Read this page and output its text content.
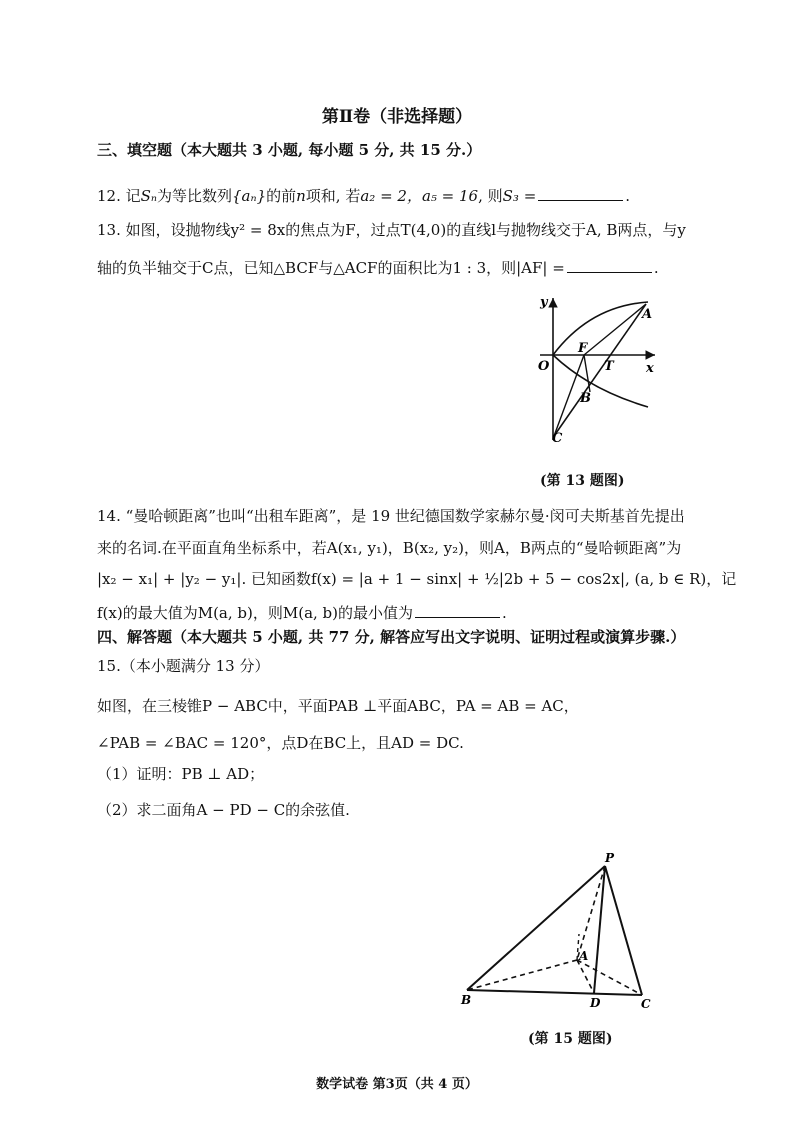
第Ⅱ卷（非选择题）
三、填空题（本大题共 3 小题, 每小题 5 分, 共 15 分.）
12. 记Sₙ为等比数列{aₙ}的前n项和, 若a₂ = 2，a₅ = 16, 则S₃ =	.
13. 如图，设抛物线y² = 8x的焦点为F，过点T(4,0)的直线l与抛物线交于A, B两点，与y
轴的负半轴交于C点，已知△BCF与△ACF的面积比为1 : 3，则|AF| =	.
y
x
O
F
T
A
B
C
(第 13 题图)
14. “曼哈顿距离”也叫“出租车距离”，是 19 世纪德国数学家赫尔曼·闵可夫斯基首先提出
来的名词.在平面直角坐标系中，若A(x₁, y₁)，B(x₂, y₂)，则A，B两点的“曼哈顿距离”为
|x₂ − x₁| + |y₂ − y₁|. 已知函数f(x) = |a + 1 − sinx| + ½|2b + 5 − cos2x|, (a, b ∈ R)，记
f(x)的最大值为M(a, b)，则M(a, b)的最小值为	.
四、解答题（本大题共 5 小题, 共 77 分, 解答应写出文字说明、证明过程或演算步骤.）
15.（本小题满分 13 分）
如图，在三棱锥P − ABC中，平面PAB ⊥平面ABC，PA = AB = AC，
∠PAB = ∠BAC = 120°，点D在BC上，且AD = DC.
（1）证明：PB ⊥ AD；
（2）求二面角A − PD − C的余弦值.
P
A
B	C
D
(第 15 题图)
数学试卷 第3页（共 4 页）
